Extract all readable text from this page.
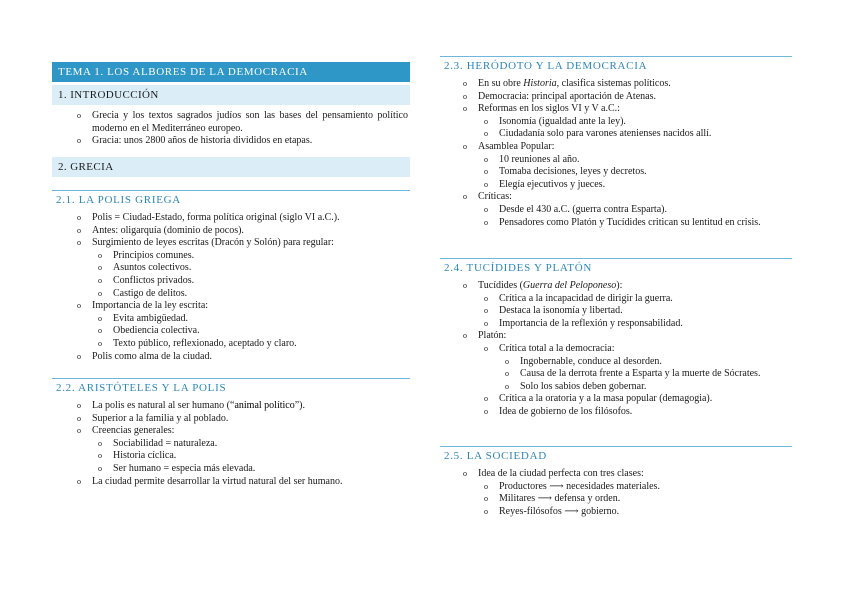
TEMA 1. LOS ALBORES DE LA DEMOCRACIA
1. INTRODUCCIÓN
o Grecia y los textos sagrados judíos son las bases del pensamiento político moderno en el Mediterráneo europeo.
o Gracia: unos 2800 años de historia divididos en etapas.
2. GRECIA
2.1. LA POLIS GRIEGA
o Polis = Ciudad-Estado, forma política original (siglo VI a.C.).
o Antes: oligarquía (dominio de pocos).
o Surgimiento de leyes escritas (Dracón y Solón) para regular:
o Principios comunes.
o Asuntos colectivos.
o Conflictos privados.
o Castigo de delitos.
o Importancia de la ley escrita:
o Evita ambigüedad.
o Obediencia colectiva.
o Texto público, reflexionado, aceptado y claro.
o Polis como alma de la ciudad.
2.2. ARISTÓTELES Y LA POLIS
o La polis es natural al ser humano (“animal político”).
o Superior a la familia y al poblado.
o Creencias generales:
o Sociabilidad = naturaleza.
o Historia cíclica.
o Ser humano = especia más elevada.
o La ciudad permite desarrollar la virtud natural del ser humano.
2.3. HERÓDOTO Y LA DEMOCRACIA
o En su obre Historia, clasifica sistemas políticos.
o Democracia: principal aportación de Atenas.
o Reformas en los siglos VI y V a.C.:
o Isonomía (igualdad ante la ley).
o Ciudadanía solo para varones atenienses nacidos allí.
o Asamblea Popular:
o 10 reuniones al año.
o Tomaba decisiones, leyes y decretos.
o Elegía ejecutivos y jueces.
o Críticas:
o Desde el 430 a.C. (guerra contra Esparta).
o Pensadores como Platón y Tucídides critican su lentitud en crisis.
2.4. TUCÍDIDES Y PLATÓN
o Tucídides (Guerra del Peloponeso):
o Crítica a la incapacidad de dirigir la guerra.
o Destaca la isonomía y libertad.
o Importancia de la reflexión y responsabilidad.
o Platón:
o Crítica total a la democracia:
o Ingobernable, conduce al desorden.
o Causa de la derrota frente a Esparta y la muerte de Sócrates.
o Solo los sabios deben gobernar.
o Crítica a la oratoria y a la masa popular (demagogia).
o Idea de gobierno de los filósofos.
2.5. LA SOCIEDAD
o Idea de la ciudad perfecta con tres clases:
o Productores ⟶ necesidades materiales.
o Militares ⟶ defensa y orden.
o Reyes-filósofos ⟶ gobierno.
